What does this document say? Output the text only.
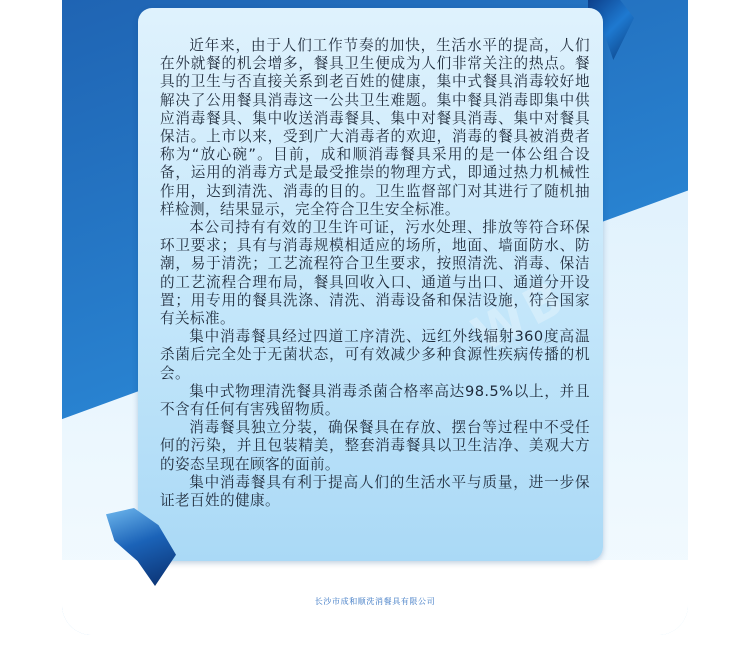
WB

近年来，由于人们工作节奏的加快，生活水平的提高，人们在外就餐的机会增多，餐具卫生便成为人们非常关注的热点。餐具的卫生与否直接关系到老百姓的健康，集中式餐具消毒较好地解决了公用餐具消毒这一公共卫生难题。集中餐具消毒即集中供应消毒餐具、集中收送消毒餐具、集中对餐具消毒、集中对餐具保洁。上市以来，受到广大消毒者的欢迎，消毒的餐具被消费者称为“放心碗”。目前，成和顺消毒餐具采用的是一体公组合设备，运用的消毒方式是最受推崇的物理方式，即通过热力机械性作用，达到清洗、消毒的目的。卫生监督部门对其进行了随机抽样检测，结果显示，完全符合卫生安全标准。

本公司持有有效的卫生许可证，污水处理、排放等符合环保环卫要求；具有与消毒规模相适应的场所，地面、墙面防水、防潮，易于清洗；工艺流程符合卫生要求，按照清洗、消毒、保洁的工艺流程合理布局，餐具回收入口、通道与出口、通道分开设置；用专用的餐具洗涤、清洗、消毒设备和保洁设施，符合国家有关标准。

集中消毒餐具经过四道工序清洗、远红外线辐射360度高温杀菌后完全处于无菌状态，可有效减少多种食源性疾病传播的机会。

集中式物理清洗餐具消毒杀菌合格率高达98.5%以上，并且不含有任何有害残留物质。

消毒餐具独立分装，确保餐具在存放、摆台等过程中不受任何的污染，并且包装精美，整套消毒餐具以卫生洁净、美观大方的姿态呈现在顾客的面前。

集中消毒餐具有利于提高人们的生活水平与质量，进一步保证老百姓的健康。

长沙市成和顺洗消餐具有限公司
